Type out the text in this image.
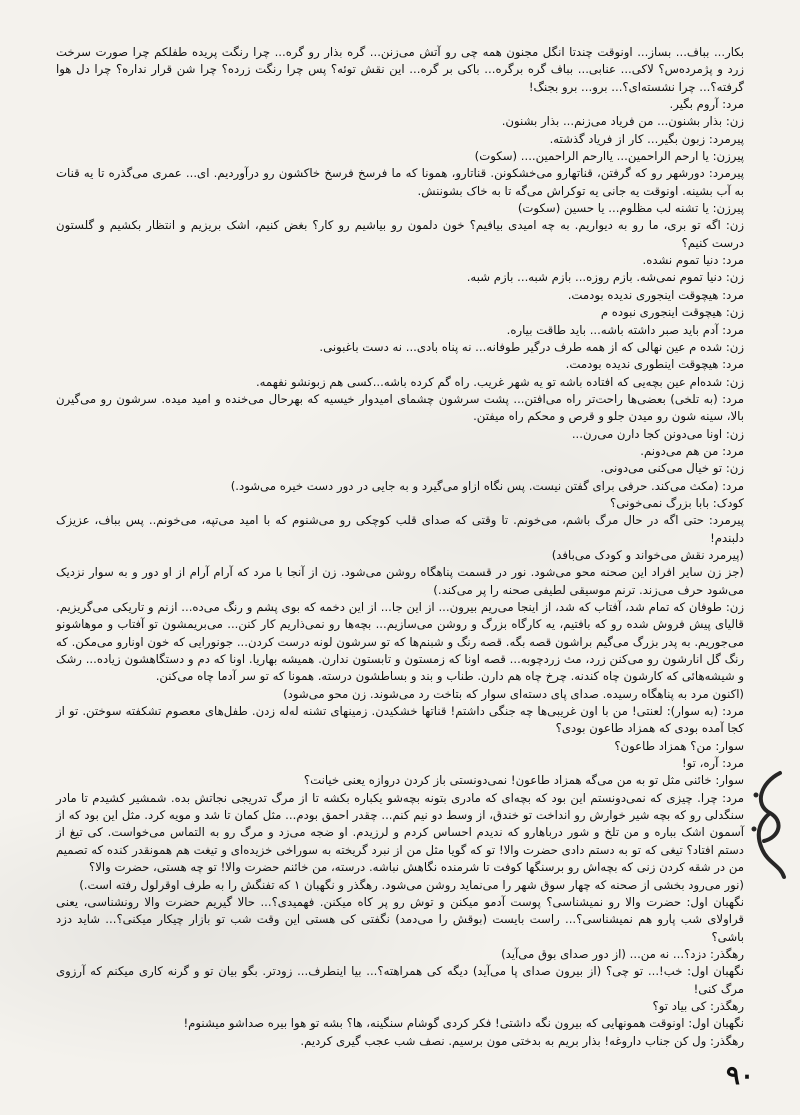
بکار... بباف... بساز... اونوقت چندتا انگل مجنون همه چی رو آتش می‌زنن... گره بذار رو گره... چرا رنگت پریده طفلکم چرا صورت سرخت زرد و پژمرده‌س؟ لاکی... عنابی... بباف گره برگره... باکی بر گره... این نقش توئه؟ پس چرا رنگت زرده؟ چرا شن قرار نداره؟ چرا دل هوا گرفته؟... چرا نشسته‌ای؟... برو... برو بجنگ!

مرد: آروم بگیر.

زن: بذار بشنون... من فریاد می‌زنم... بذار بشنون.

پیرمرد: زبون بگیر... کار از فریاد گذشته.

پیرزن: یا ارحم الراحمین... یاارحم الراحمین.... (سکوت)

پیرمرد: دورشهر رو که گرفتن، قناتهارو می‌خشکونن. قناتارو، همونا که ما فرسخ فرسخ خاکشون رو درآوردیم. ای... عمری می‌گذره تا یه قنات به آب بشینه. اونوقت یه جانی یه توکراش می‌گه تا به خاک بشوننش.

پیرزن: یا تشنه لب مظلوم... یا حسین (سکوت)

زن: اگه تو بری، ما رو به دیواریم. به چه امیدی بیافیم؟ خون دلمون رو بیاشیم رو کار؟ بغض کنیم، اشک بریزیم و انتظار بکشیم و گلستون درست کنیم؟

مرد: دنیا تموم نشده.

زن: دنیا تموم نمی‌شه. بازم روزه... بازم شبه... بازم شبه.

مرد: هیچوقت اینجوری ندیده بودمت.

زن: هیچوقت اینجوری نبوده م

مرد: آدم باید صبر داشته باشه... باید طاقت بیاره.

زن: شده م عین نهالی که از همه طرف درگیر طوفانه... نه پناه بادی... نه دست باغبونی.

مرد: هیچوقت اینطوری ندیده بودمت.

زن: شده‌ام عین بچه‌یی که افتاده باشه تو یه شهر غریب. راه گم کرده باشه...کسی هم زبونشو نفهمه.

مرد: (به تلخی) بعضی‌ها راحت‌تر راه می‌افتن... پشت سرشون چشمای امیدوار خیسیه که بهرحال می‌خنده و امید میده. سرشون رو می‌گیرن بالا، سینه شون رو میدن جلو و قرص و محکم راه میفتن.

زن: اونا می‌دونن کجا دارن می‌رن...

مرد: من هم می‌دونم.

زن: تو خیال می‌کنی می‌دونی.

مرد: (مکث می‌کند. حرفی برای گفتن نیست. پس نگاه ازاو می‌گیرد و به جایی در دور دست خیره می‌شود.)

کودک: بابا بزرگ نمی‌خونی؟

پیرمرد: حتی اگه در حال مرگ باشم، می‌خونم. تا وقتی که صدای قلب کوچکی رو می‌شنوم که با امید می‌تپه، می‌خونم.. پس بباف، عزیزک دلبندم!

(پیرمرد نقش می‌خواند و کودک می‌بافد)

(جز زن سایر افراد این صحنه محو می‌شود. نور در قسمت پناهگاه روشن می‌شود. زن از آنجا با مرد که آرام آرام از او دور و به سوار نزدیک می‌شود حرف می‌زند. ترنم موسیقی لطیفی صحنه را پر می‌کند.)

زن: طوفان که تمام شد، آفتاب که شد، از اینجا می‌ریم بیرون... از این جا... از این دخمه که بوی پشم و رنگ می‌ده... ازنم و تاریکی می‌گریزیم. قالیای پیش فروش شده رو که بافتیم، یه کارگاه بزرگ و روشن می‌سازیم... بچه‌ها رو نمی‌ذاریم کار کنن... می‌بریمشون تو آفتاب و موهاشونو می‌جوریم. به پدر بزرگ می‌گیم براشون قصه بگه. قصه رنگ و شبنم‌ها که تو سرشون لونه درست کردن... جونورایی که خون اونارو می‌مکن. که رنگ گل انارشون رو می‌کنن زرد، مث زردچوبه... قصه اونا که زمستون و تابستون ندارن. همیشه بهاریا. اونا که دم و دستگاهشون زیاده... رشک و شیشه‌هائی که کارشون چاه کندنه. چرخ چاه هم دارن. طناب و بند و بساطشون درسته. همونا که تو سر آدما چاه می‌کنن.

(اکنون مرد به پناهگاه رسیده. صدای پای دسته‌ای سوار که بتاخت رد می‌شوند. زن محو می‌شود)

مرد: (به سوار): لعنتی! من با اون غریبی‌ها چه جنگی داشتم! قناتها خشکیدن. زمینهای تشنه له‌له زدن. طفل‌های معصوم تشکفته سوختن. تو از کجا آمده بودی که همزاد طاعون بودی؟

سوار: من؟ همزاد طاعون؟

مرد: آره، تو!

سوار: خائنی مثل تو به من می‌گه همزاد طاعون! نمی‌دونستی باز کردن دروازه یعنی خیانت؟

مرد: چرا. چیزی که نمی‌دونستم این بود که بچه‌ای که مادری بتونه بچه‌شو یکباره بکشه تا از مرگ تدریجی نجاتش بده. شمشیر کشیدم تا مادر سنگدلی رو که بچه شیر خوارش رو انداخت تو خندق، از وسط دو نیم کنم... چقدر احمق بودم... مثل کمان تا شد و مویه کرد. مثل این بود که از آسمون اشک بباره و من تلخ و شور درباهارو که ندیدم احساس کردم و لرزیدم. او ضجه می‌زد و مرگ رو به التماس می‌خواست. کی تیغ از دستم افتاد؟ تیغی که تو به دستم دادی حضرت والا! تو که گویا مثل من از نبرد گریخته به سوراخی خزیده‌ای و تیغت هم همونقدر کنده که تصمیم من در شقه کردن زنی که بچه‌اش رو برسنگها کوفت تا شرمنده نگاهش نباشه. درسته، من خائنم حضرت والا! تو چه هستی، حضرت والا؟

(نور می‌رود بخشی از صحنه که چهار سوق شهر را می‌نماید روشن می‌شود. رهگذر و نگهبان ۱ که تفنگش را به طرف اوقرلول رفته است.)

نگهبان اول: حضرت والا رو نمیشناسی؟ پوست آدمو میکنن و توش رو پر کاه میکنن. فهمیدی؟... حالا گیریم حضرت والا رونشناسی، یعنی قراولای شب پارو هم نمیشناسی؟... راست بایست (بوقش را می‌دمد) نگفتی کی هستی این وقت شب تو بازار چیکار میکنی؟... شاید دزد باشی؟

رهگذر: دزد؟... نه من... (از دور صدای بوق می‌آید)

نگهبان اول: خب!... تو چی؟ (از بیرون صدای پا می‌آید) دیگه کی همراهته؟... بیا اینطرف... زودتر. بگو بیان تو و گرنه کاری میکنم که آرزوی مرگ کنی!

رهگذر: کی بیاد تو؟

نگهبان اول: اونوقت همونهایی که بیرون نگه داشتی! فکر کردی گوشام سنگینه، ها؟ بشه تو هوا بیره صداشو میشنوم!

رهگذر: ول کن جناب داروغه! بذار بریم به بدختی مون برسیم. نصف شب عجب گیری کردیم.

۹۰
